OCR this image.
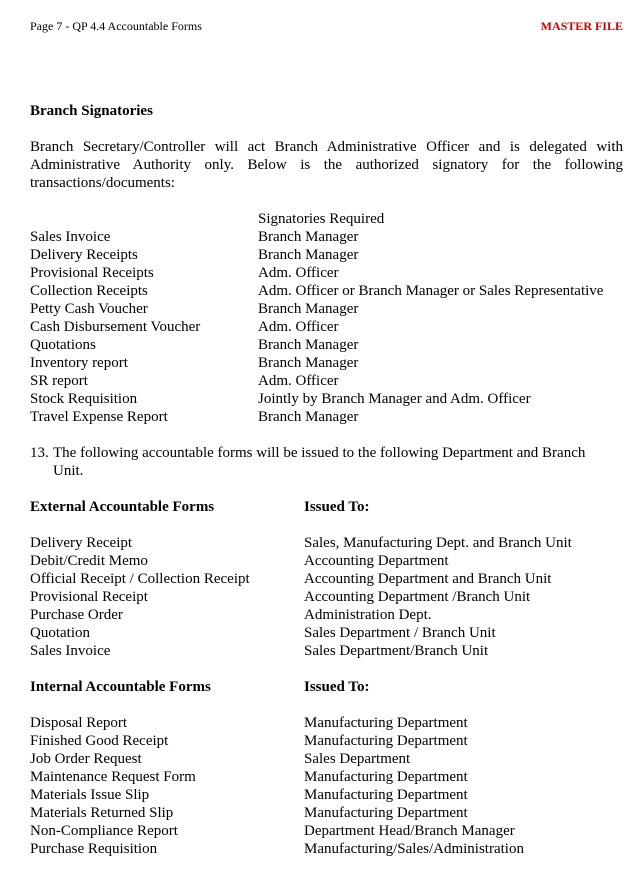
Page 7 - QP 4.4 Accountable Forms	MASTER FILE
Branch Signatories
Branch Secretary/Controller will act Branch Administrative Officer and is delegated with Administrative Authority only. Below is the authorized signatory for the following transactions/documents:
Signatories Required
Sales Invoice	Branch Manager
Delivery Receipts	Branch Manager
Provisional Receipts	Adm. Officer
Collection Receipts	Adm. Officer or Branch Manager or Sales Representative
Petty Cash Voucher	Branch Manager
Cash Disbursement Voucher	Adm. Officer
Quotations	Branch Manager
Inventory report	Branch Manager
SR report	Adm. Officer
Stock Requisition	Jointly by Branch Manager and Adm. Officer
Travel Expense Report	Branch Manager
13. The following accountable forms will be issued to the following Department and Branch Unit.
External Accountable Forms	Issued To:
Delivery Receipt	Sales, Manufacturing Dept. and Branch Unit
Debit/Credit Memo	Accounting Department
Official Receipt / Collection Receipt	Accounting Department and Branch Unit
Provisional Receipt	Accounting Department /Branch Unit
Purchase Order	Administration Dept.
Quotation	Sales Department / Branch Unit
Sales Invoice	Sales Department/Branch Unit
Internal Accountable Forms	Issued To:
Disposal Report	Manufacturing Department
Finished Good Receipt	Manufacturing Department
Job Order Request	Sales Department
Maintenance Request Form	Manufacturing Department
Materials Issue Slip	Manufacturing Department
Materials Returned Slip	Manufacturing Department
Non-Compliance Report	Department Head/Branch Manager
Purchase Requisition	Manufacturing/Sales/Administration
